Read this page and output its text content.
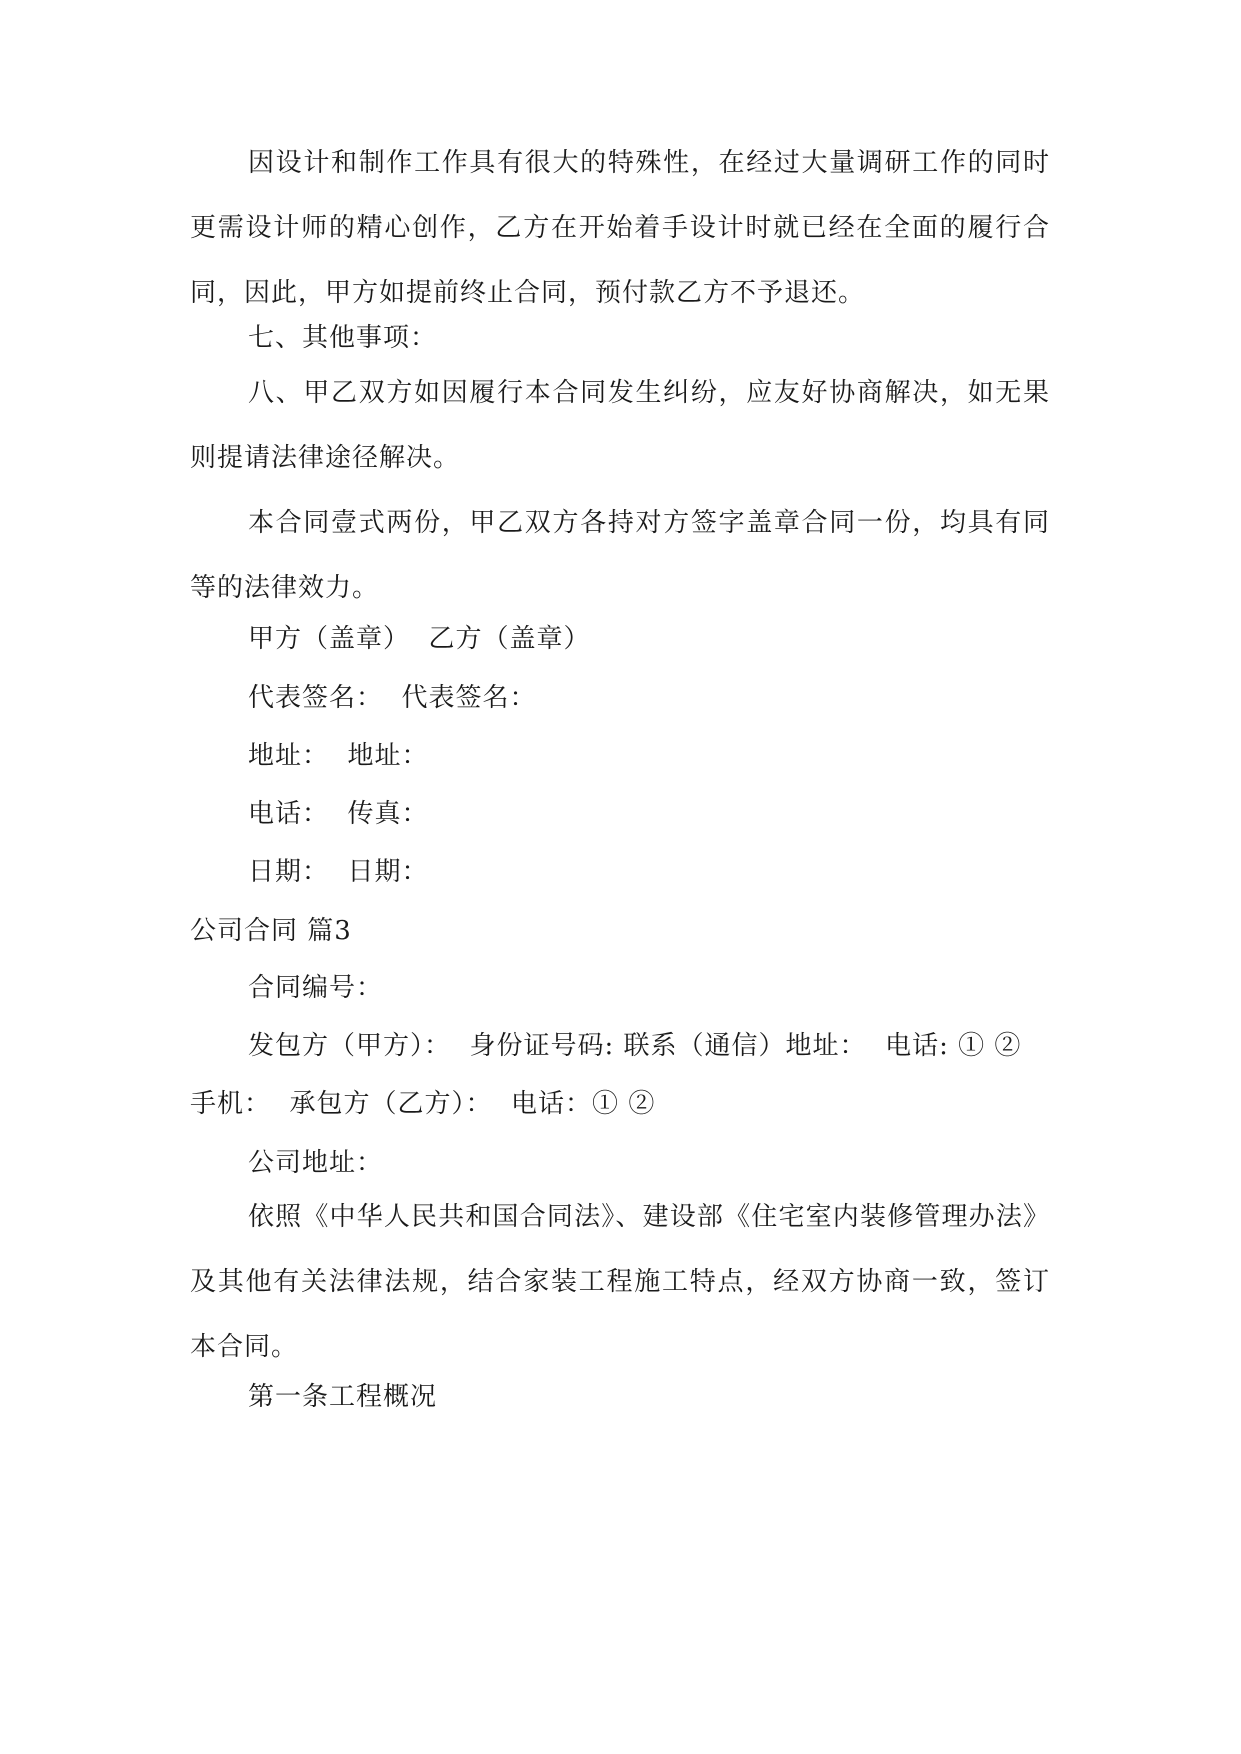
因设计和制作工作具有很大的特殊性，在经过大量调研工作的同时更需设计师的精心创作，乙方在开始着手设计时就已经在全面的履行合同，因此，甲方如提前终止合同，预付款乙方不予退还。

七、其他事项：

八、甲乙双方如因履行本合同发生纠纷，应友好协商解决，如无果则提请法律途径解决。

本合同壹式两份，甲乙双方各持对方签字盖章合同一份，均具有同等的法律效力。

甲方（盖章）  乙方（盖章）
代表签名：  代表签名：
地址：  地址：
电话：  传真：
日期：  日期：
公司合同 篇3
合同编号：
发包方（甲方）：  身份证号码: 联系（通信）地址：  电话: ① ②
手机：  承包方（乙方）：  电话：① ②
公司地址：

依照《中华人民共和国合同法》、建设部《住宅室内装修管理办法》及其他有关法律法规，结合家装工程施工特点，经双方协商一致，签订本合同。

第一条工程概况
